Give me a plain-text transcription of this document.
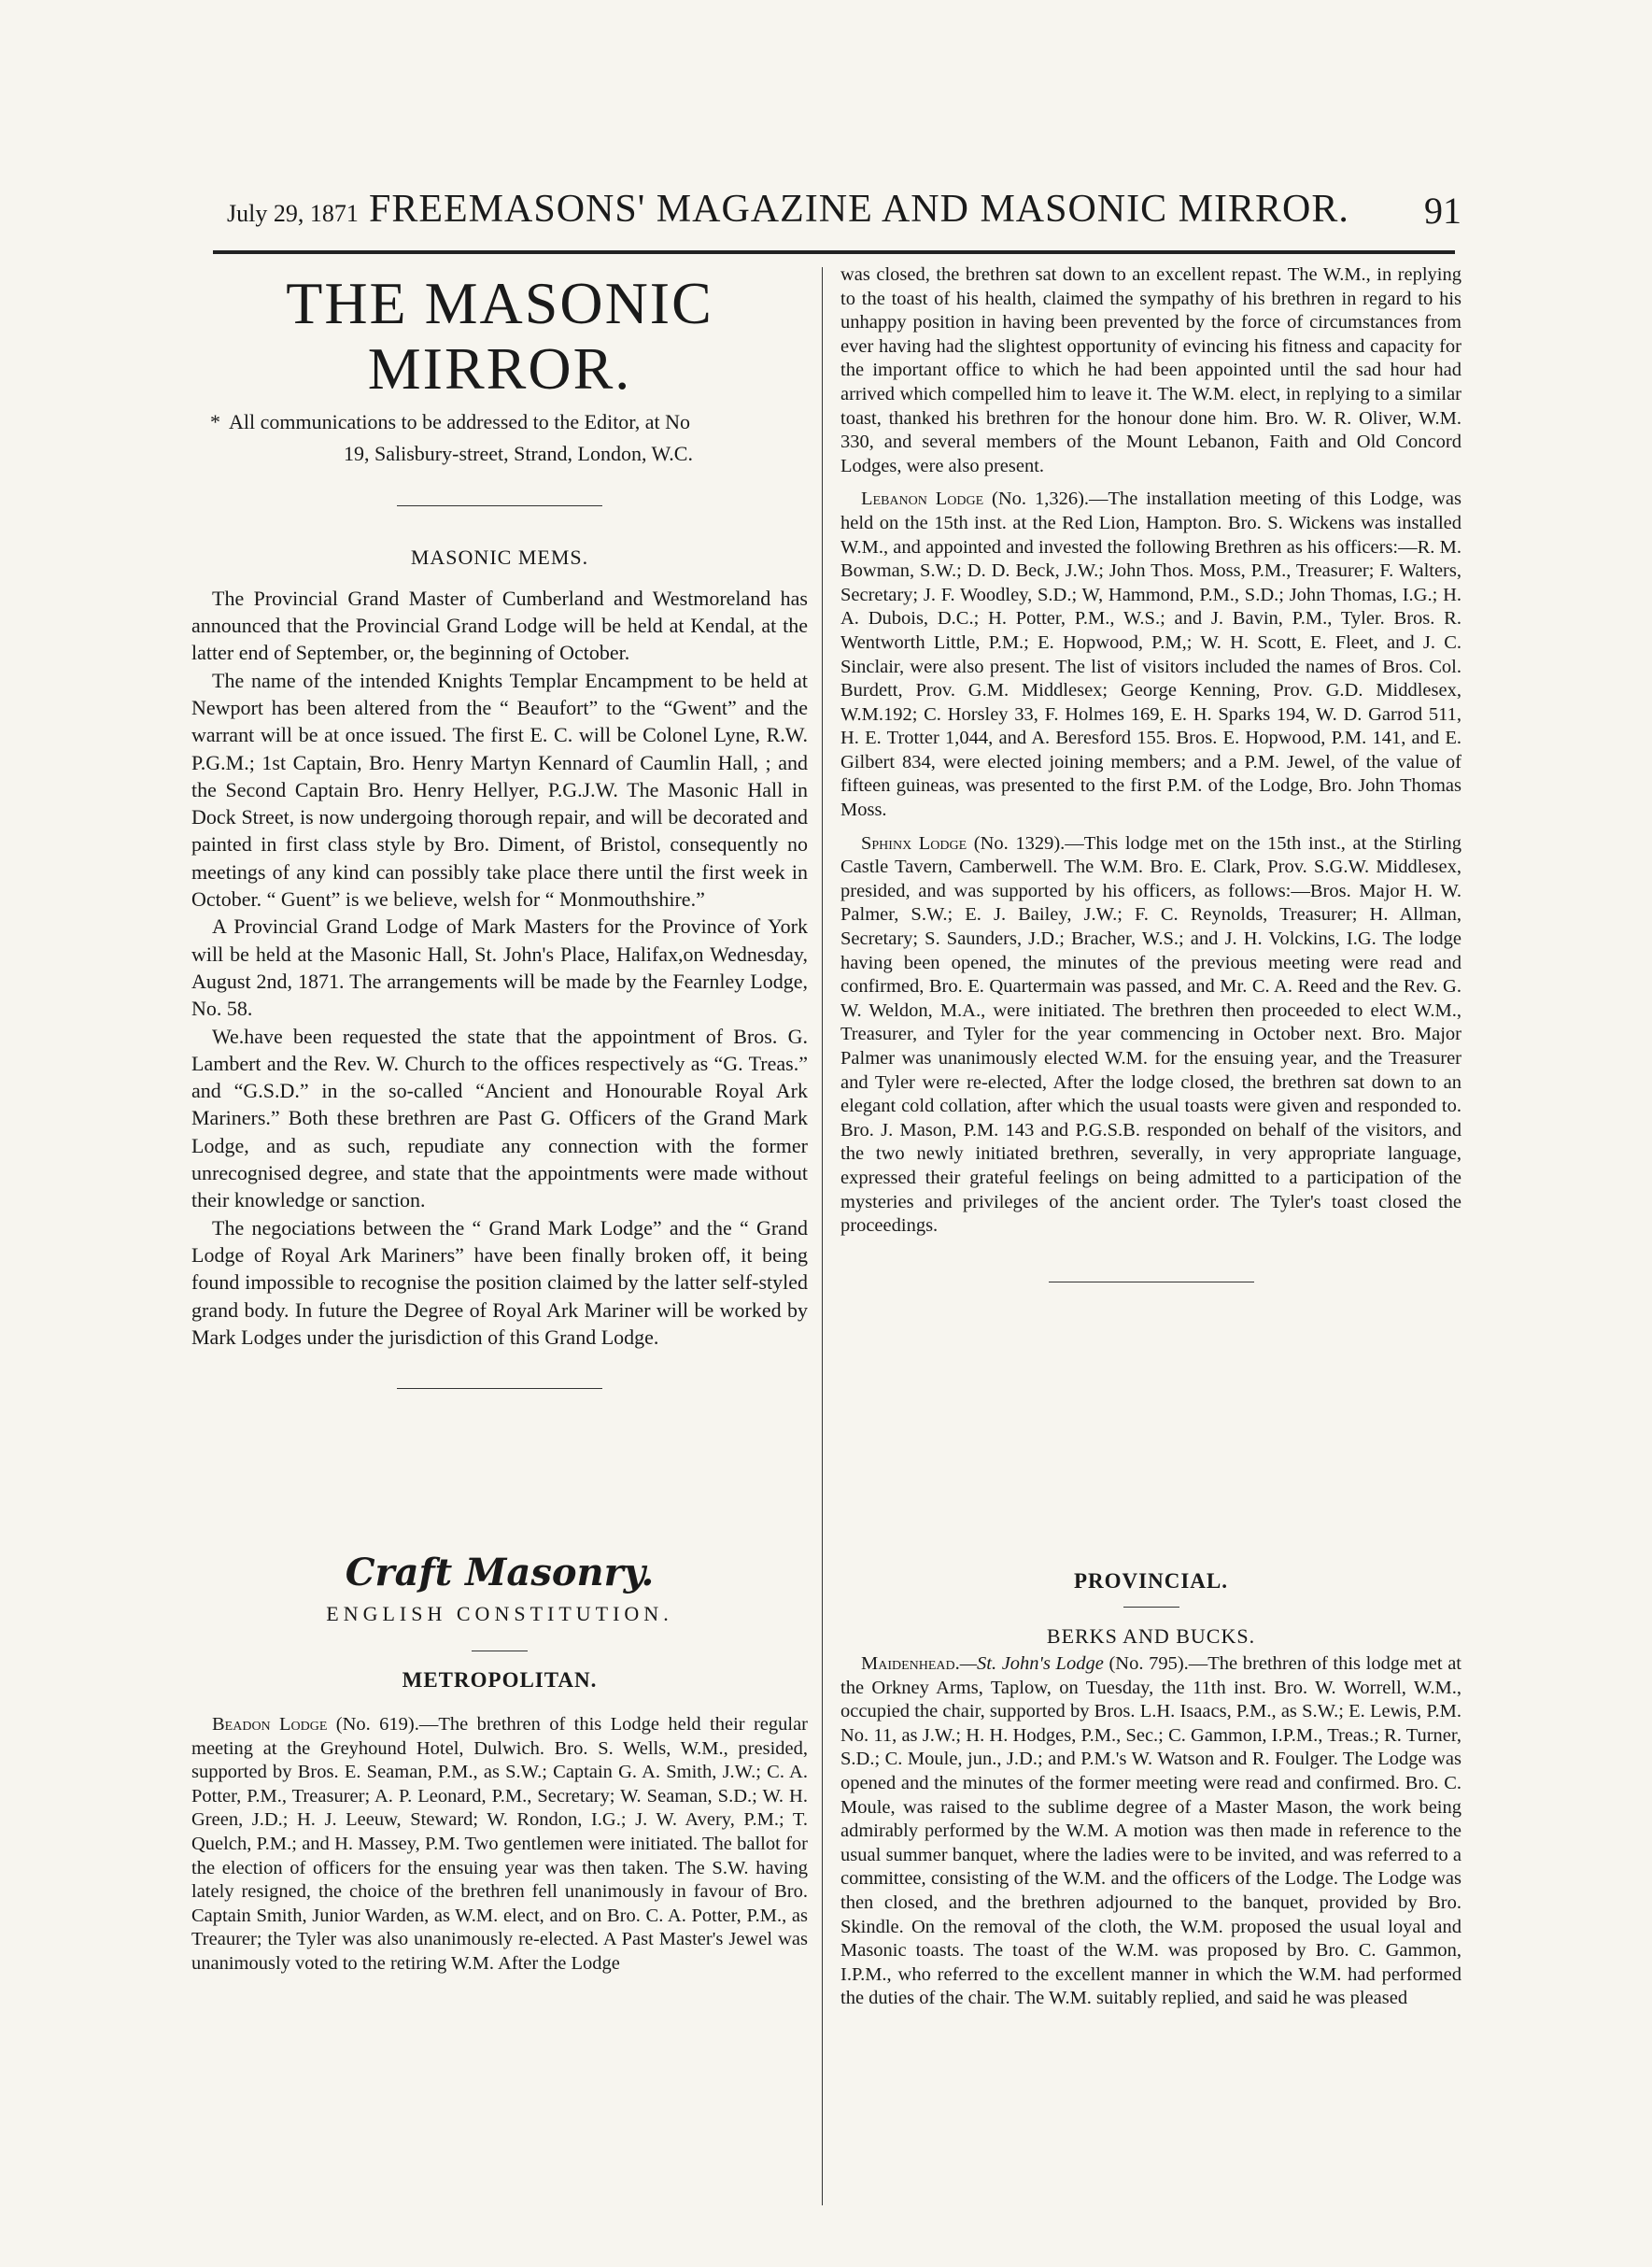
July 29, 1871 FREEMASONS' MAGAZINE AND MASONIC MIRROR. 91
THE MASONIC MIRROR.
* All communications to be addressed to the Editor, at No

19, Salisbury-street, Strand, London, W.C.

MASONIC MEMS.

The Provincial Grand Master of Cumberland and Westmoreland has announced that the Provincial Grand Lodge will be held at Kendal, at the latter end of September, or, the beginning of October.

The name of the intended Knights Templar Encampment to be held at Newport has been altered from the “ Beaufort” to the “Gwent” and the warrant will be at once issued. The first E. C. will be Colonel Lyne, R.W. P.G.M.; 1st Captain, Bro. Henry Martyn Kennard of Caumlin Hall, ; and the Second Captain Bro. Henry Hellyer, P.G.J.W. The Masonic Hall in Dock Street, is now undergoing thorough repair, and will be decorated and painted in first class style by Bro. Diment, of Bristol, consequently no meetings of any kind can possibly take place there until the first week in October. “ Guent” is we believe, welsh for “ Monmouthshire.”

A Provincial Grand Lodge of Mark Masters for the Province of York will be held at the Masonic Hall, St. John's Place, Halifax,on Wednesday, August 2nd, 1871. The arrangements will be made by the Fearnley Lodge, No. 58.

We.have been requested the state that the appointment of Bros. G. Lambert and the Rev. W. Church to the offices respectively as “G. Treas.” and “G.S.D.” in the so-called “Ancient and Honourable Royal Ark Mariners.” Both these brethren are Past G. Officers of the Grand Mark Lodge, and as such, repudiate any connection with the former unrecognised degree, and state that the appointments were made without their knowledge or sanction.

The negociations between the “ Grand Mark Lodge” and the “ Grand Lodge of Royal Ark Mariners” have been finally broken off, it being found impossible to recognise the position claimed by the latter self-styled grand body. In future the Degree of Royal Ark Mariner will be worked by Mark Lodges under the jurisdiction of this Grand Lodge.

Craft Masonry.
ENGLISH CONSTITUTION.
METROPOLITAN.

Beadon Lodge (No. 619).—The brethren of this Lodge held their regular meeting at the Greyhound Hotel, Dulwich. Bro. S. Wells, W.M., presided, supported by Bros. E. Seaman, P.M., as S.W.; Captain G. A. Smith, J.W.; C. A. Potter, P.M., Treasurer; A. P. Leonard, P.M., Secretary; W. Seaman, S.D.; W. H. Green, J.D.; H. J. Leeuw, Steward; W. Rondon, I.G.; J. W. Avery, P.M.; T. Quelch, P.M.; and H. Massey, P.M. Two gentlemen were initiated. The ballot for the election of officers for the ensuing year was then taken. The S.W. having lately resigned, the choice of the brethren fell unanimously in favour of Bro. Captain Smith, Junior Warden, as W.M. elect, and on Bro. C. A. Potter, P.M., as Treaurer; the Tyler was also unanimously re-elected. A Past Master's Jewel was unanimously voted to the retiring W.M. After the Lodge

was closed, the brethren sat down to an excellent repast. The W.M., in replying to the toast of his health, claimed the sympathy of his brethren in regard to his unhappy position in having been prevented by the force of circumstances from ever having had the slightest opportunity of evincing his fitness and capacity for the important office to which he had been appointed until the sad hour had arrived which compelled him to leave it. The W.M. elect, in replying to a similar toast, thanked his brethren for the honour done him. Bro. W. R. Oliver, W.M. 330, and several members of the Mount Lebanon, Faith and Old Concord Lodges, were also present.

Lebanon Lodge (No. 1,326).—The installation meeting of this Lodge, was held on the 15th inst. at the Red Lion, Hampton. Bro. S. Wickens was installed W.M., and appointed and invested the following Brethren as his officers:—R. M. Bowman, S.W.; D. D. Beck, J.W.; John Thos. Moss, P.M., Treasurer; F. Walters, Secretary; J. F. Woodley, S.D.; W, Hammond, P.M., S.D.; John Thomas, I.G.; H. A. Dubois, D.C.; H. Potter, P.M., W.S.; and J. Bavin, P.M., Tyler. Bros. R. Wentworth Little, P.M.; E. Hopwood, P.M,; W. H. Scott, E. Fleet, and J. C. Sinclair, were also present. The list of visitors included the names of Bros. Col. Burdett, Prov. G.M. Middlesex; George Kenning, Prov. G.D. Middlesex, W.M.192; C. Horsley 33, F. Holmes 169, E. H. Sparks 194, W. D. Garrod 511, H. E. Trotter 1,044, and A. Beresford 155. Bros. E. Hopwood, P.M. 141, and E. Gilbert 834, were elected joining members; and a P.M. Jewel, of the value of fifteen guineas, was presented to the first P.M. of the Lodge, Bro. John Thomas Moss.

Sphinx Lodge (No. 1329).—This lodge met on the 15th inst., at the Stirling Castle Tavern, Camberwell. The W.M. Bro. E. Clark, Prov. S.G.W. Middlesex, presided, and was supported by his officers, as follows:—Bros. Major H. W. Palmer, S.W.; E. J. Bailey, J.W.; F. C. Reynolds, Treasurer; H. Allman, Secretary; S. Saunders, J.D.; Bracher, W.S.; and J. H. Volckins, I.G. The lodge having been opened, the minutes of the previous meeting were read and confirmed, Bro. E. Quartermain was passed, and Mr. C. A. Reed and the Rev. G. W. Weldon, M.A., were initiated. The brethren then proceeded to elect W.M., Treasurer, and Tyler for the year commencing in October next. Bro. Major Palmer was unanimously elected W.M. for the ensuing year, and the Treasurer and Tyler were re-elected, After the lodge closed, the brethren sat down to an elegant cold collation, after which the usual toasts were given and responded to. Bro. J. Mason, P.M. 143 and P.G.S.B. responded on behalf of the visitors, and the two newly initiated brethren, severally, in very appropriate language, expressed their grateful feelings on being admitted to a participation of the mysteries and privileges of the ancient order. The Tyler's toast closed the proceedings.

PROVINCIAL.
BERKS AND BUCKS.

Maidenhead.—St. John's Lodge (No. 795).—The brethren of this lodge met at the Orkney Arms, Taplow, on Tuesday, the 11th inst. Bro. W. Worrell, W.M., occupied the chair, supported by Bros. L.H. Isaacs, P.M., as S.W.; E. Lewis, P.M. No. 11, as J.W.; H. H. Hodges, P.M., Sec.; C. Gammon, I.P.M., Treas.; R. Turner, S.D.; C. Moule, jun., J.D.; and P.M.'s W. Watson and R. Foulger. The Lodge was opened and the minutes of the former meeting were read and confirmed. Bro. C. Moule, was raised to the sublime degree of a Master Mason, the work being admirably performed by the W.M. A motion was then made in reference to the usual summer banquet, where the ladies were to be invited, and was referred to a committee, consisting of the W.M. and the officers of the Lodge. The Lodge was then closed, and the brethren adjourned to the banquet, provided by Bro. Skindle. On the removal of the cloth, the W.M. proposed the usual loyal and Masonic toasts. The toast of the W.M. was proposed by Bro. C. Gammon, I.P.M., who referred to the excellent manner in which the W.M. had performed the duties of the chair. The W.M. suitably replied, and said he was pleased
